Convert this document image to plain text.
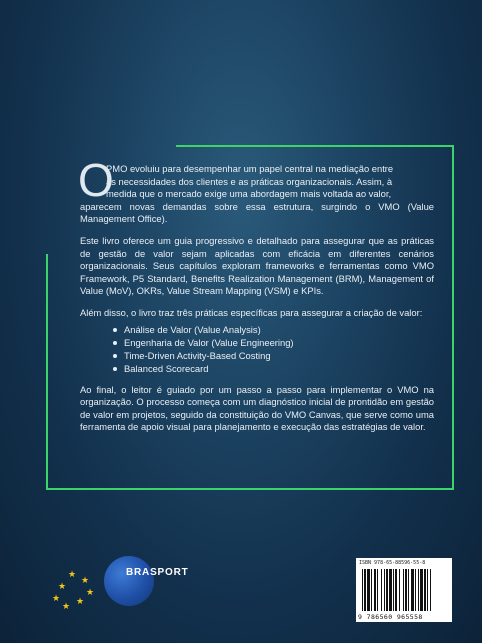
O
PMO evoluiu para desempenhar um papel central na mediação entre
as necessidades dos clientes e as práticas organizacionais. Assim, à
medida que o mercado exige uma abordagem mais voltada ao valor,
aparecem novas demandas sobre essa estrutura, surgindo o VMO (Value Management Office).

Este livro oferece um guia progressivo e detalhado para assegurar que as práticas de gestão de valor sejam aplicadas com eficácia em diferentes cenários organizacionais. Seus capítulos exploram frameworks e ferramentas como VMO Framework, P5 Standard, Benefits Realization Management (BRM), Management of Value (MoV), OKRs, Value Stream Mapping (VSM) e KPIs.

Além disso, o livro traz três práticas específicas para assegurar a criação de valor:

Análise de Valor (Value Analysis)
Engenharia de Valor (Value Engineering)
Time-Driven Activity-Based Costing
Balanced Scorecard

Ao final, o leitor é guiado por um passo a passo para implementar o VMO na organização. O processo começa com um diagnóstico inicial de prontidão em gestão de valor em projetos, seguido da constituição do VMO Canvas, que serve como uma ferramenta de apoio visual para planejamento e execução das estratégias de valor.

★
★
★
★ ★
★
★
BRASPORT
ISBN 978-65-88596-55-8
9 786560 965558
